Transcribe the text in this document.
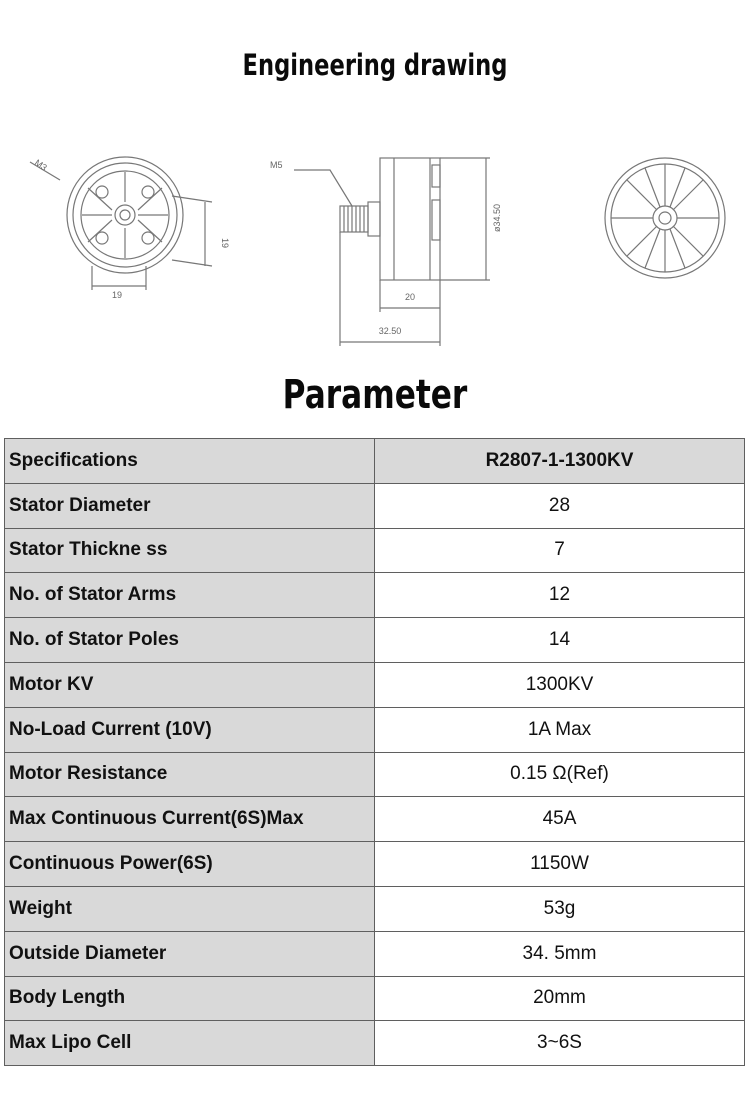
Engineering drawing
M3
19
19
M5
ø34.50
20
32.50
Parameter
Specifications	R2807-1-1300KV
Stator Diameter	28
Stator Thickne ss	7
No. of Stator Arms	12
No. of Stator Poles	14
Motor KV	1300KV
No-Load Current (10V)	1A Max
Motor Resistance	0.15 Ω(Ref)
Max Continuous Current(6S)Max	45A
Continuous Power(6S)	1150W
Weight	53g
Outside Diameter	34. 5mm
Body Length	20mm
Max Lipo Cell	3~6S
